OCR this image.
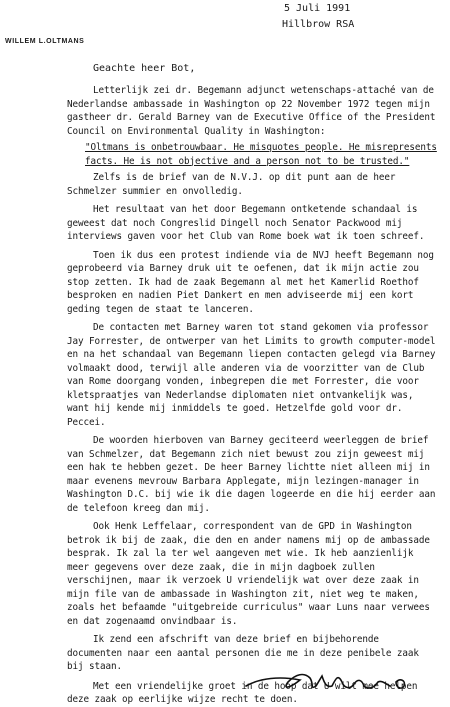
5 Juli 1991
Hillbrow RSA
WILLEM L.OLTMANS
Geachte heer Bot,

Letterlijk zei dr. Begemann adjunct wetenschaps-attaché van de Nederlandse ambassade in Washington op 22 November 1972 tegen mijn gastheer dr. Gerald Barney van de Executive Office of the President Council on Environmental Quality in Washington:

"Oltmans is onbetrouwbaar. He misquotes people. He misrepresents facts. He is not objective and a person not to be trusted."

Zelfs is de brief van de N.V.J. op dit punt aan de heer Schmelzer summier en onvolledig.

Het resultaat van het door Begemann ontketende schandaal is geweest dat noch Congreslid Dingell noch Senator Packwood mij interviews gaven voor het Club van Rome boek wat ik toen schreef.

Toen ik dus een protest indiende via de NVJ heeft Begemann nog geprobeerd via Barney druk uit te oefenen, dat ik mijn actie zou stop zetten. Ik had de zaak Begemann al met het Kamerlid Roethof besproken en nadien Piet Dankert en men adviseerde mij een kort geding tegen de staat te lanceren.

De contacten met Barney waren tot stand gekomen via professor Jay Forrester, de ontwerper van het Limits to growth computer-model en na het schandaal van Begemann liepen contacten gelegd via Barney volmaakt dood, terwijl alle anderen via de voorzitter van de Club van Rome doorgang vonden, inbegrepen die met Forrester, die voor kletspraatjes van Nederlandse diplomaten niet ontvankelijk was, want hij kende mij inmiddels te goed. Hetzelfde gold voor dr. Peccei.

De woorden hierboven van Barney geciteerd weerleggen de brief van Schmelzer, dat Begemann zich niet bewust zou zijn geweest mij een hak te hebben gezet. De heer Barney lichtte niet alleen mij in maar evenens mevrouw Barbara Applegate, mijn lezingen-manager in Washington D.C. bij wie ik die dagen logeerde en die hij eerder aan de telefoon kreeg dan mij.

Ook Henk Leffelaar, correspondent van de GPD in Washington betrok ik bij de zaak, die den en ander namens mij op de ambassade besprak. Ik zal la ter wel aangeven met wie. Ik heb aanzienlijk meer gegevens over deze zaak, die in mijn dagboek zullen verschijnen, maar ik verzoek U vriendelijk wat over deze zaak in mijn file van de ambassade in Washington zit, niet weg te maken, zoals het befaamde "uitgebreide curriculus" waar Luns naar verwees en dat zogenaamd onvindbaar is.

Ik zend een afschrift van deze brief en bijbehorende documenten naar een aantal personen die me in deze penibele zaak bij staan.

Met een vriendelijke groet in de hoop dat U wilt mee helpen deze zaak op eerlijke wijze recht te doen.
